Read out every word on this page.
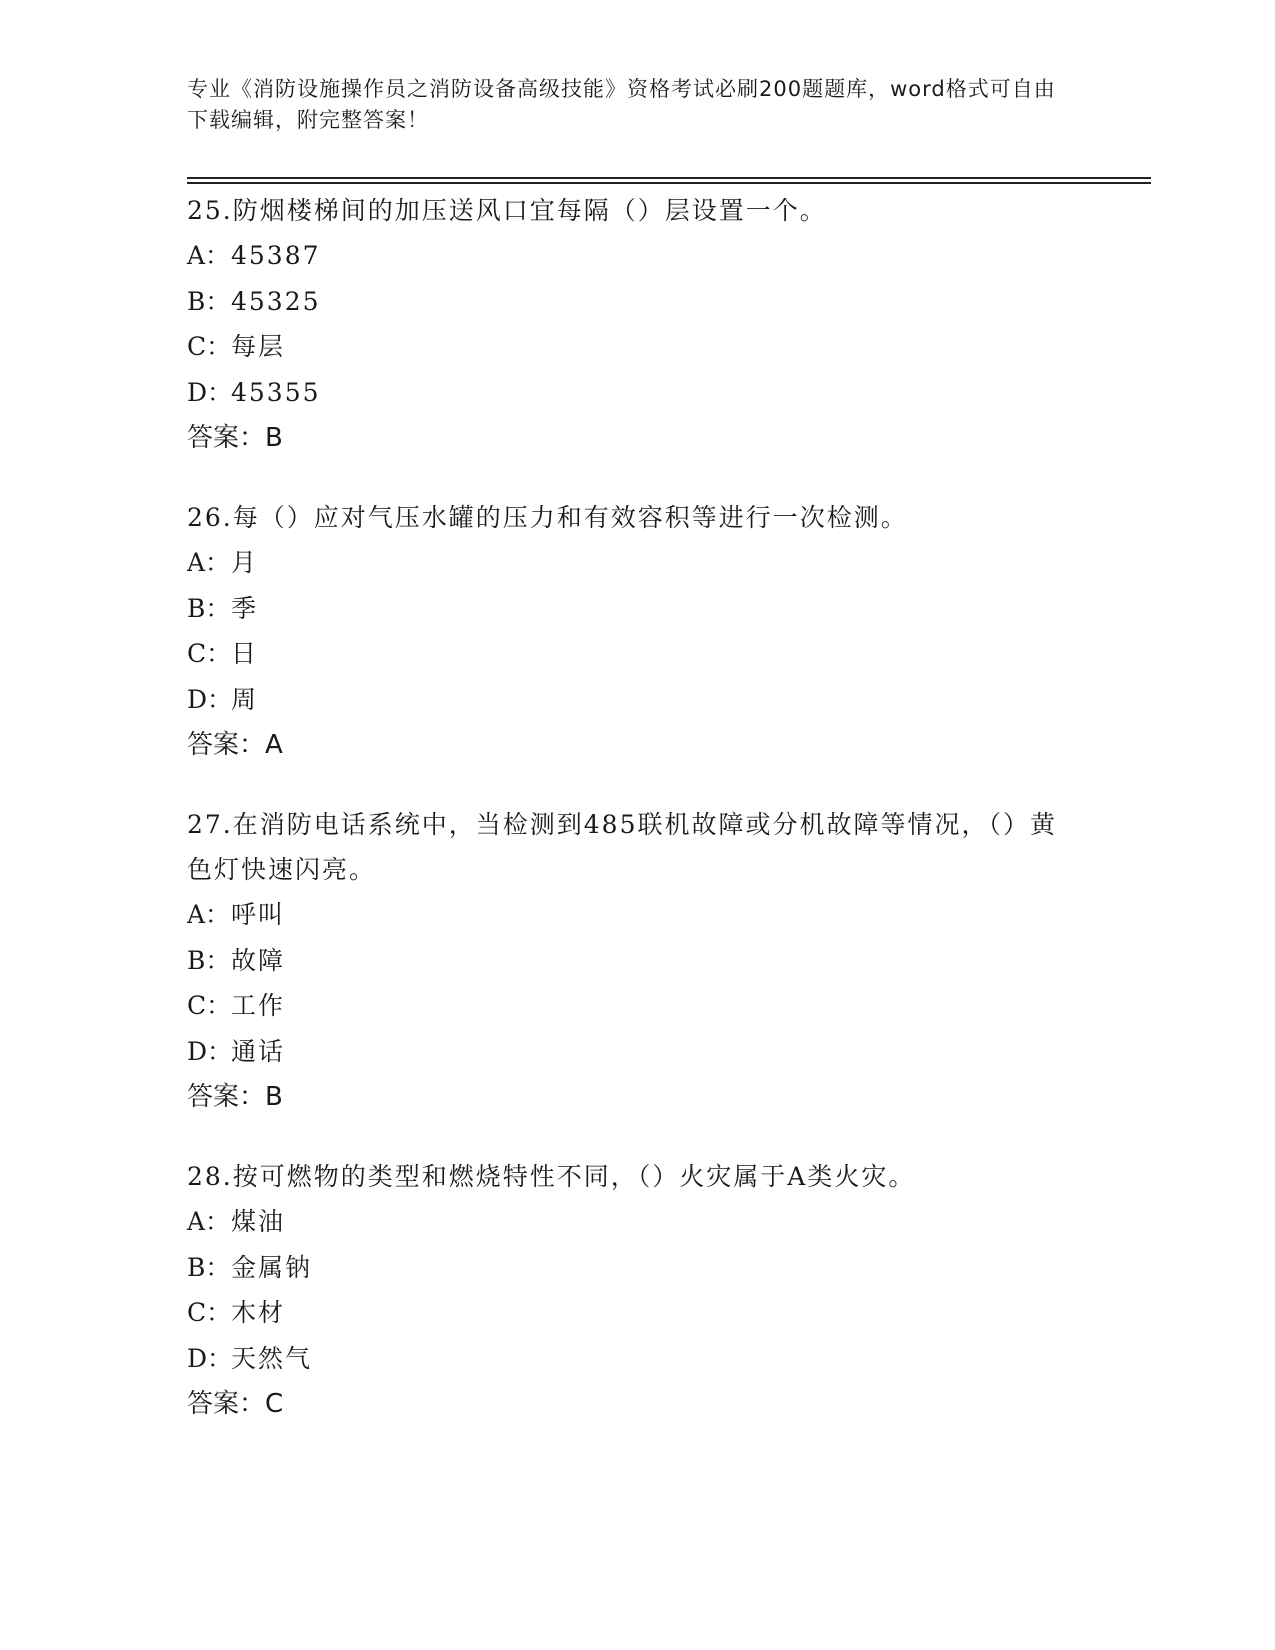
专业《消防设施操作员之消防设备高级技能》资格考试必刷200题题库，word格式可自由下载编辑，附完整答案！
25.防烟楼梯间的加压送风口宜每隔（）层设置一个。
A：45387
B：45325
C：每层
D：45355
答案：B
26.每（）应对气压水罐的压力和有效容积等进行一次检测。
A：月
B：季
C：日
D：周
答案：A
27.在消防电话系统中，当检测到485联机故障或分机故障等情况，（）黄色灯快速闪亮。
A：呼叫
B：故障
C：工作
D：通话
答案：B
28.按可燃物的类型和燃烧特性不同，（）火灾属于A类火灾。
A：煤油
B：金属钠
C：木材
D：天然气
答案：C
